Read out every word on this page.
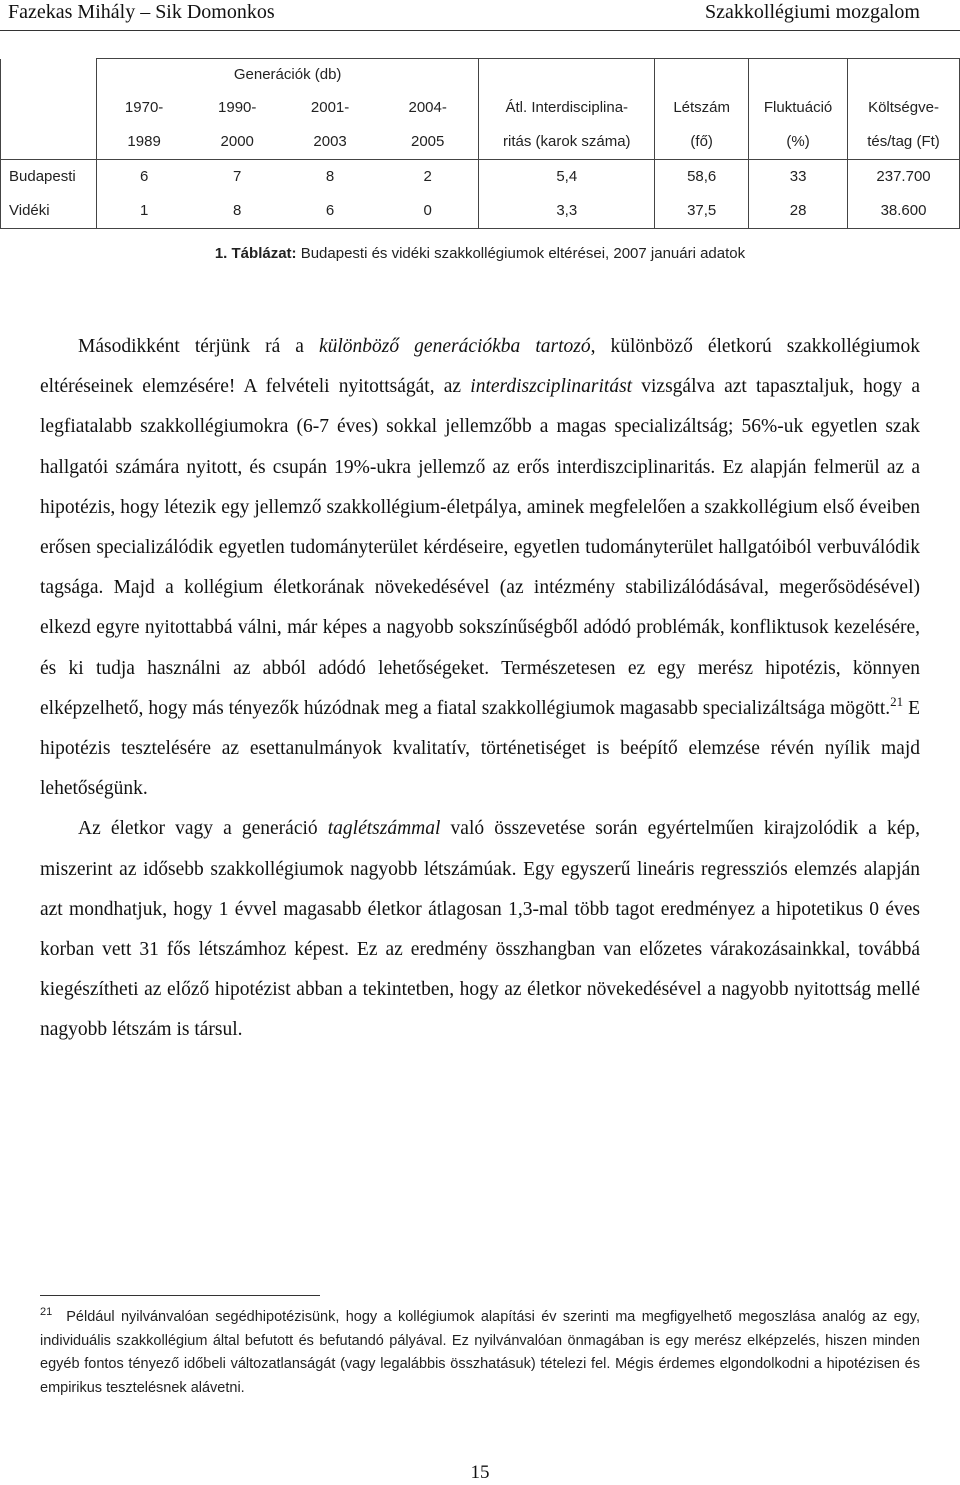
Fazekas Mihály – Sik Domonkos	Szakkollégiumi mozgalom
	Generációk (db)							
	1970-	1990-	2001-	2004-	Átl. Interdisciplina-	Létszám	Fluktuáció	Költségve-
	1989	2000	2003	2005	ritás (karok száma)	(fő)	(%)	tés/tag (Ft)
Budapesti	6	7	8	2	5,4	58,6	33	237.700
Vidéki	1	8	6	0	3,3	37,5	28	38.600
1. Táblázat: Budapesti és vidéki szakkollégiumok eltérései, 2007 januári adatok

Másodikként térjünk rá a különböző generációkba tartozó, különböző életkorú szakkollégiumok eltéréseinek elemzésére! A felvételi nyitottságát, az interdiszciplinaritást vizsgálva azt tapasztaljuk, hogy a legfiatalabb szakkollégiumokra (6-7 éves) sokkal jellemzőbb a magas specializáltság; 56%-uk egyetlen szak hallgatói számára nyitott, és csupán 19%-ukra jellemző az erős interdiszciplinaritás. Ez alapján felmerül az a hipotézis, hogy létezik egy jellemző szakkollégium-életpálya, aminek megfelelően a szakkollégium első éveiben erősen specializálódik egyetlen tudományterület kérdéseire, egyetlen tudományterület hallgatóiból verbuválódik tagsága. Majd a kollégium életkorának növekedésével (az intézmény stabilizálódásával, megerősödésével) elkezd egyre nyitottabbá válni, már képes a nagyobb sokszínűségből adódó problémák, konfliktusok kezelésére, és ki tudja használni az abból adódó lehetőségeket. Természetesen ez egy merész hipotézis, könnyen elképzelhető, hogy más tényezők húzódnak meg a fiatal szakkollégiumok magasabb specializáltsága mögött.$^{21}$ E hipotézis tesztelésére az esettanulmányok kvalitatív, történetiséget is beépítő elemzése révén nyílik majd lehetőségünk.

Az életkor vagy a generáció taglétszámmal való összevetése során egyértelműen kirajzolódik a kép, miszerint az idősebb szakkollégiumok nagyobb létszámúak. Egy egyszerű lineáris regressziós elemzés alapján azt mondhatjuk, hogy 1 évvel magasabb életkor átlagosan 1,3-mal több tagot eredményez a hipotetikus 0 éves korban vett 31 fős létszámhoz képest. Ez az eredmény összhangban van előzetes várakozásainkkal, továbbá kiegészítheti az előző hipotézist abban a tekintetben, hogy az életkor növekedésével a nagyobb nyitottság mellé nagyobb létszám is társul.

$^{21}$ Például nyilvánvalóan segédhipotézisünk, hogy a kollégiumok alapítási év szerinti ma megfigyelhető megoszlása analóg az egy, individuális szakkollégium által befutott és befutandó pályával. Ez nyilvánvalóan önmagában is egy merész elképzelés, hiszen minden egyéb fontos tényező időbeli változatlanságát (vagy legalábbis összhatásuk) tételezi fel. Mégis érdemes elgondolkodni a hipotézisen és empirikus tesztelésnek alávetni.
15
